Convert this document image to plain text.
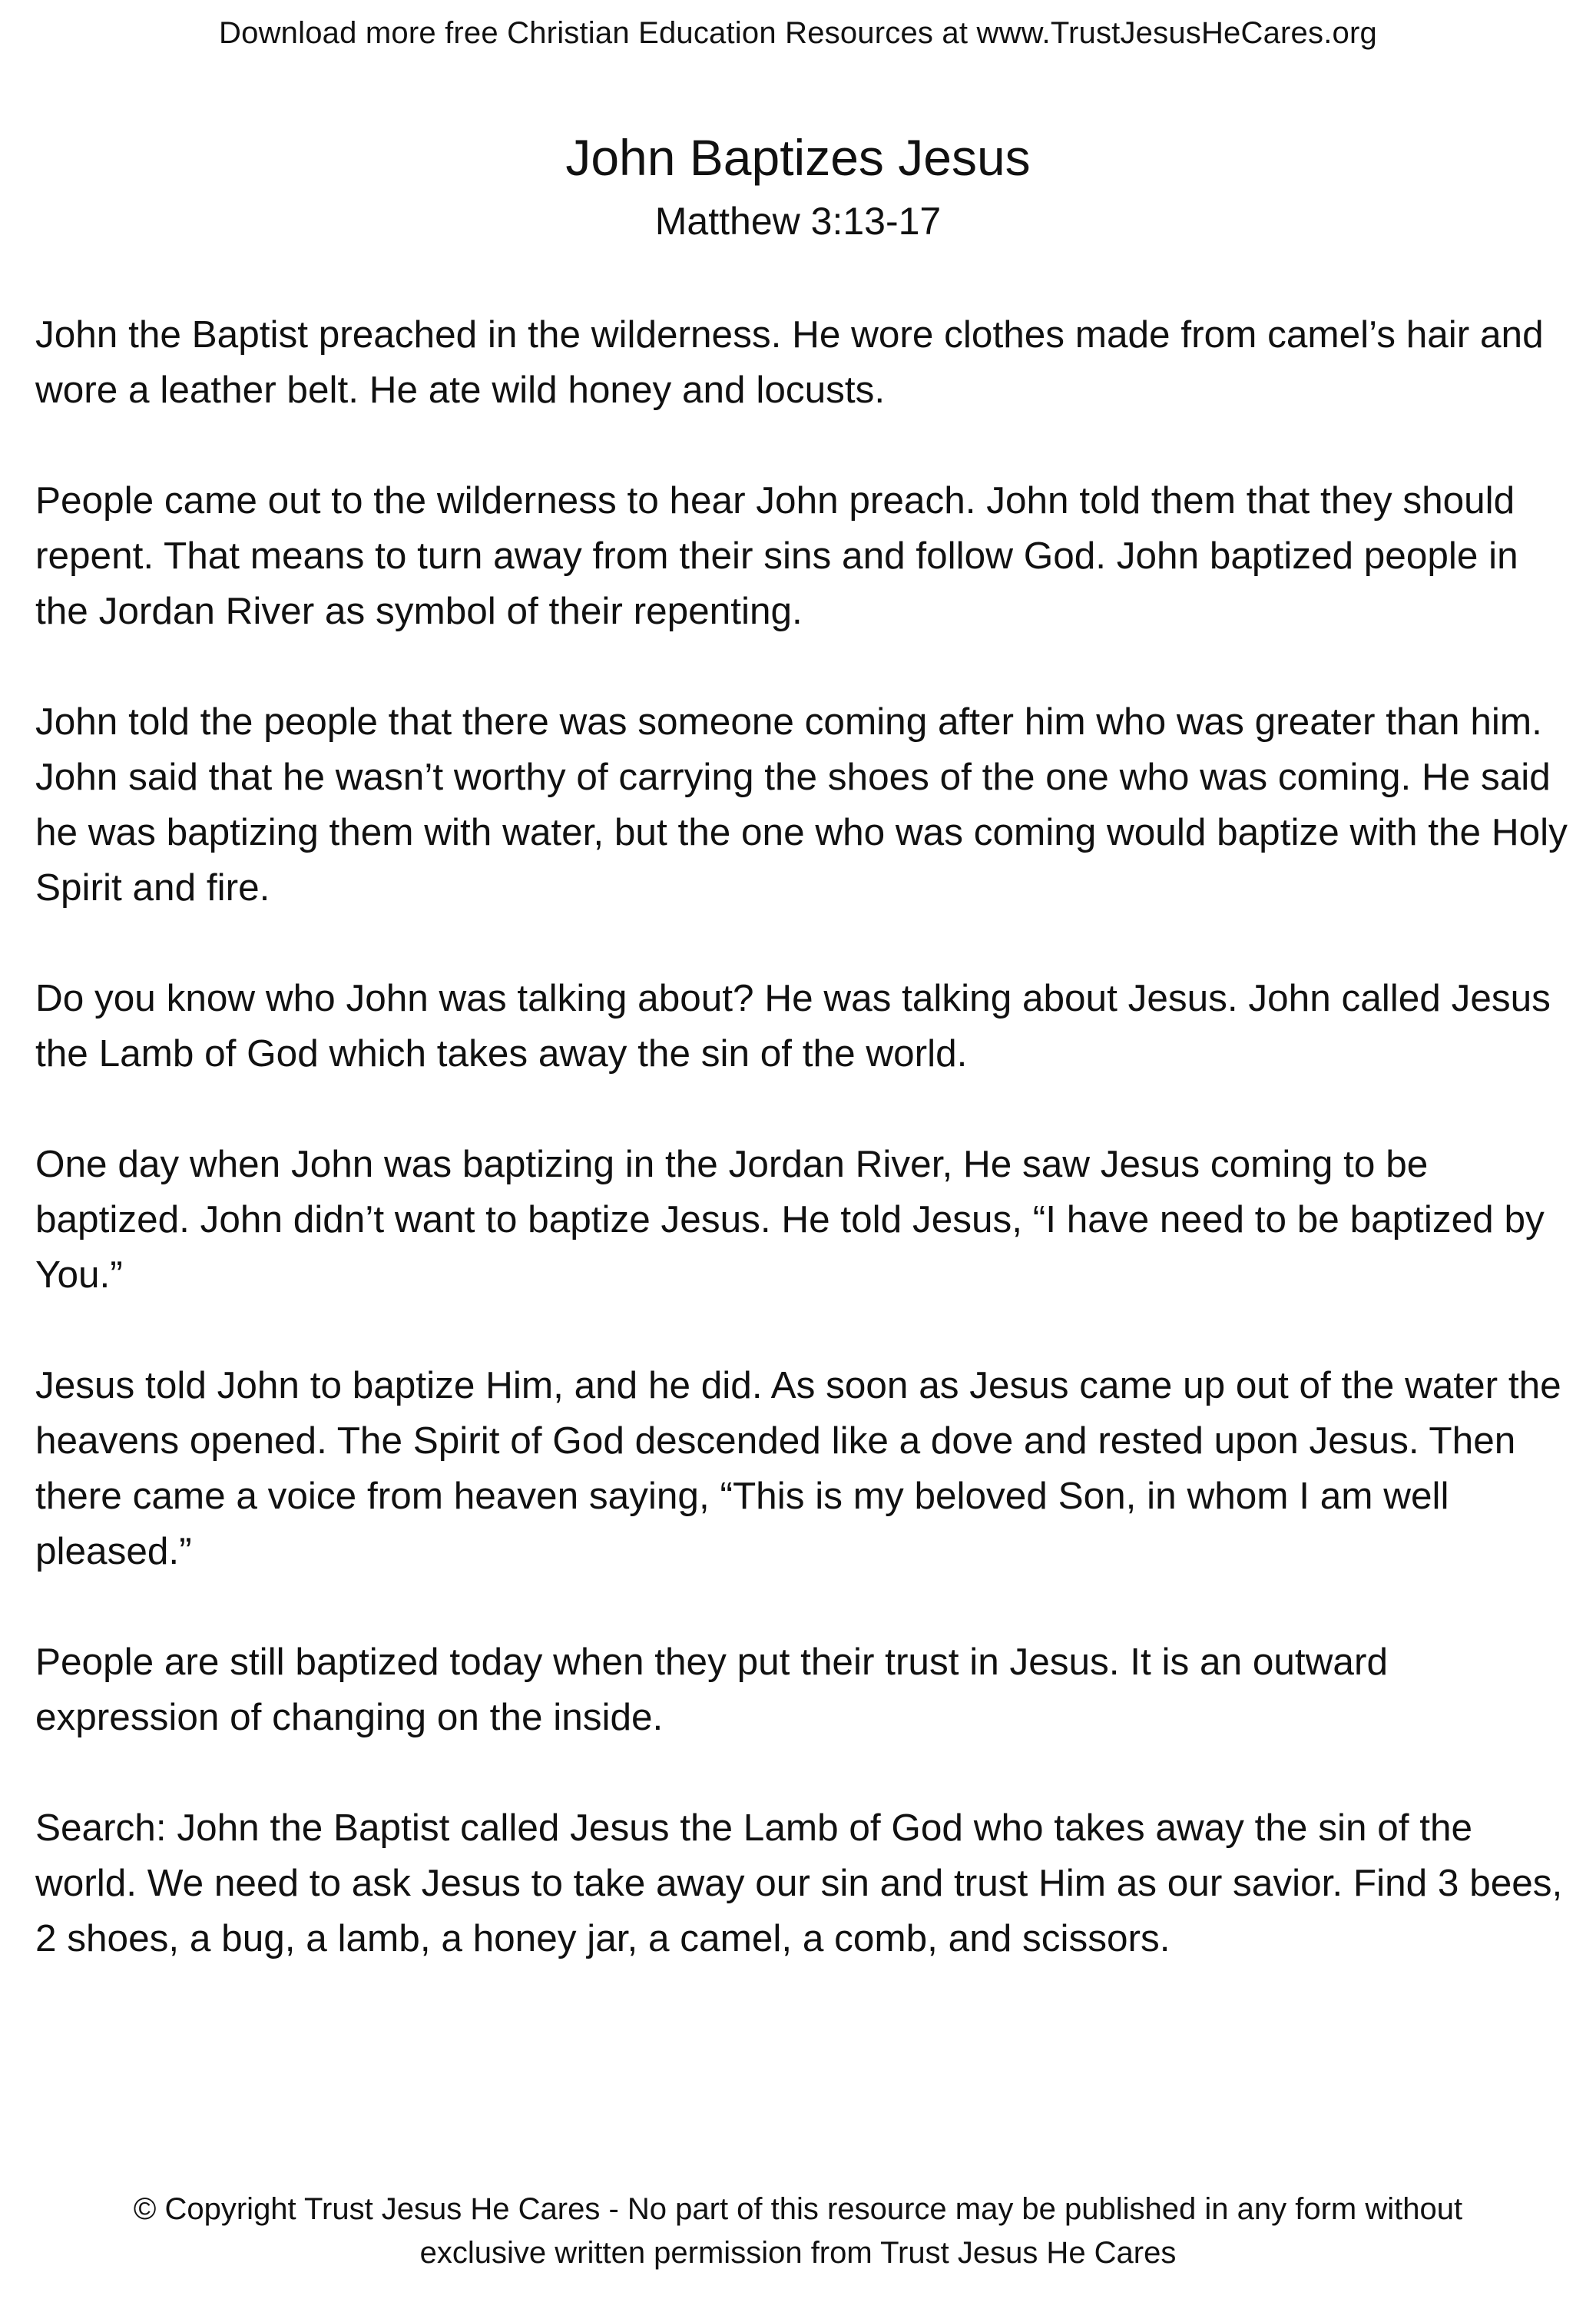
Download more free Christian Education Resources at www.TrustJesusHeCares.org
John Baptizes Jesus
Matthew 3:13-17

John the Baptist preached in the wilderness. He wore clothes made from camel’s hair and wore a leather belt. He ate wild honey and locusts.

People came out to the wilderness to hear John preach. John told them that they should repent. That means to turn away from their sins and follow God. John baptized people in the Jordan River as symbol of their repenting.

John told the people that there was someone coming after him who was greater than him. John said that he wasn’t worthy of carrying the shoes of the one who was coming. He said he was baptizing them with water, but the one who was coming would baptize with the Holy Spirit and fire.

Do you know who John was talking about? He was talking about Jesus. John called Jesus the Lamb of God which takes away the sin of the world.

One day when John was baptizing in the Jordan River, He saw Jesus coming to be baptized. John didn’t want to baptize Jesus. He told Jesus, “I have need to be baptized by You.”

Jesus told John to baptize Him, and he did. As soon as Jesus came up out of the water the heavens opened. The Spirit of God descended like a dove and rested upon Jesus. Then there came a voice from heaven saying, “This is my beloved Son, in whom I am well pleased.”

People are still baptized today when they put their trust in Jesus. It is an outward expression of changing on the inside.

Search: John the Baptist called Jesus the Lamb of God who takes away the sin of the world. We need to ask Jesus to take away our sin and trust Him as our savior. Find 3 bees, 2 shoes, a bug, a lamb, a honey jar, a camel, a comb, and scissors.

© Copyright Trust Jesus He Cares - No part of this resource may be published in any form without
exclusive written permission from Trust Jesus He Cares
